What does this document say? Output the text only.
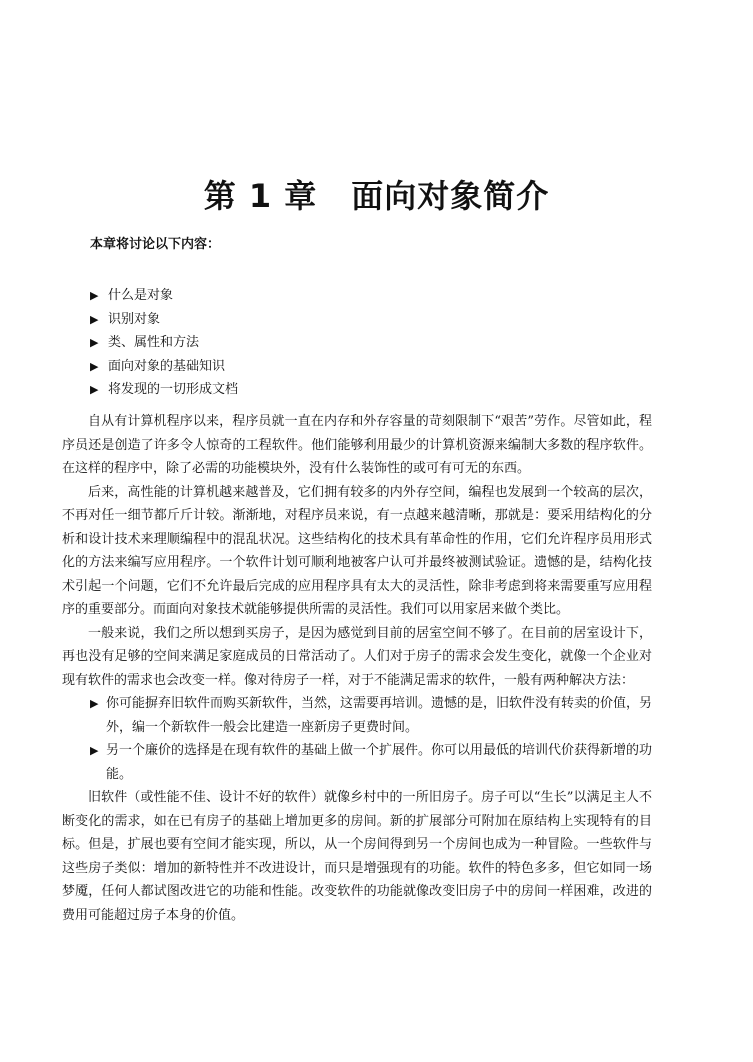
第 1 章 面向对象简介

本章将讨论以下内容：

▶ 什么是对象
▶ 识别对象
▶ 类、属性和方法
▶ 面向对象的基础知识
▶ 将发现的一切形成文档

自从有计算机程序以来，程序员就一直在内存和外存容量的苛刻限制下“艰苦”劳作。尽管如此，程序员还是创造了许多令人惊奇的工程软件。他们能够利用最少的计算机资源来编制大多数的程序软件。在这样的程序中，除了必需的功能模块外，没有什么装饰性的或可有可无的东西。

后来，高性能的计算机越来越普及，它们拥有较多的内外存空间，编程也发展到一个较高的层次，不再对任一细节都斤斤计较。渐渐地，对程序员来说，有一点越来越清晰，那就是：要采用结构化的分析和设计技术来理顺编程中的混乱状况。这些结构化的技术具有革命性的作用，它们允许程序员用形式化的方法来编写应用程序。一个软件计划可顺利地被客户认可并最终被测试验证。遗憾的是，结构化技术引起一个问题，它们不允许最后完成的应用程序具有太大的灵活性，除非考虑到将来需要重写应用程序的重要部分。而面向对象技术就能够提供所需的灵活性。我们可以用家居来做个类比。

一般来说，我们之所以想到买房子，是因为感觉到目前的居室空间不够了。在目前的居室设计下，再也没有足够的空间来满足家庭成员的日常活动了。人们对于房子的需求会发生变化，就像一个企业对现有软件的需求也会改变一样。像对待房子一样，对于不能满足需求的软件，一般有两种解决方法：

▶ 你可能摒弃旧软件而购买新软件，当然，这需要再培训。遗憾的是，旧软件没有转卖的价值，另外，编一个新软件一般会比建造一座新房子更费时间。
▶ 另一个廉价的选择是在现有软件的基础上做一个扩展件。你可以用最低的培训代价获得新增的功能。

旧软件（或性能不佳、设计不好的软件）就像乡村中的一所旧房子。房子可以“生长”以满足主人不断变化的需求，如在已有房子的基础上增加更多的房间。新的扩展部分可附加在原结构上实现特有的目标。但是，扩展也要有空间才能实现，所以，从一个房间得到另一个房间也成为一种冒险。一些软件与这些房子类似：增加的新特性并不改进设计，而只是增强现有的功能。软件的特色多多，但它如同一场梦魇，任何人都试图改进它的功能和性能。改变软件的功能就像改变旧房子中的房间一样困难，改进的费用可能超过房子本身的价值。
